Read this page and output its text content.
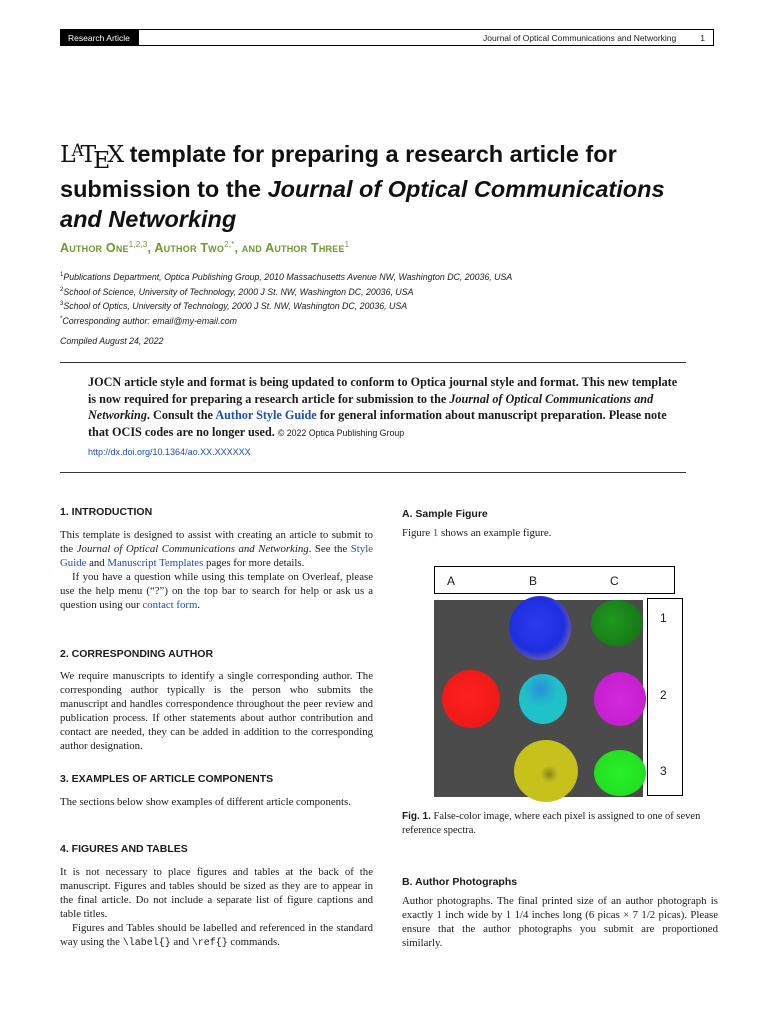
Research Article	Journal of Optical Communications and Networking	1
$L^ATEX$ template for preparing a research article for
submission to the Journal of Optical Communications
and Networking
Author One$^{1,2,3}$, Author Two$^{2,*}$, and Author Three$^1$
$^1$Publications Department, Optica Publishing Group, 2010 Massachusetts Avenue NW, Washington DC, 20036, USA
$^2$School of Science, University of Technology, 2000 J St. NW, Washington DC, 20036, USA
$^3$School of Optics, University of Technology, 2000 J St. NW, Washington DC, 20036, USA
*Corresponding author: email@my-email.com
Compiled August 24, 2022
JOCN article style and format is being updated to conform to Optica journal style and format. This new template is now required for preparing a research article for submission to the Journal of Optical Communications and Networking. Consult the Author Style Guide for general information about manuscript preparation. Please note that OCIS codes are no longer used. © 2022 Optica Publishing Group
http://dx.doi.org/10.1364/ao.XX.XXXXXX
1. INTRODUCTION

This template is designed to assist with creating an article to submit to the Journal of Optical Communications and Networking. See the Style Guide and Manuscript Templates pages for more details.

If you have a question while using this template on Overleaf, please use the help menu (“?”) on the top bar to search for help or ask us a question using our contact form.

2. CORRESPONDING AUTHOR

We require manuscripts to identify a single corresponding author. The corresponding author typically is the person who submits the manuscript and handles correspondence throughout the peer review and publication process. If other statements about author contribution and contact are needed, they can be added in addition to the corresponding author designation.

3. EXAMPLES OF ARTICLE COMPONENTS

The sections below show examples of different article components.

4. FIGURES AND TABLES

It is not necessary to place figures and tables at the back of the manuscript. Figures and tables should be sized as they are to appear in the final article. Do not include a separate list of figure captions and table titles.

Figures and Tables should be labelled and referenced in the standard way using the \label{} and \ref{} commands.

A. Sample Figure

Figure 1 shows an example figure.

A	B	C
1
2
3
Fig. 1. False-color image, where each pixel is assigned to one of seven reference spectra.
B. Author Photographs

Author photographs. The final printed size of an author photograph is exactly 1 inch wide by 1 1/4 inches long (6 picas × 7 1/2 picas). Please ensure that the author photographs you submit are proportioned similarly.
